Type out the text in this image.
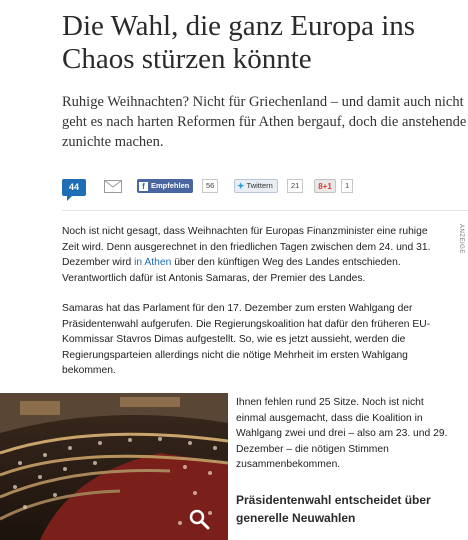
Die Wahl, die ganz Europa ins
Chaos stürzen könnte
Ruhige Weihnachten? Nicht für Griechenland – und damit auch nicht
geht es nach harten Reformen für Athen bergauf, doch die anstehende
zunichte machen.
44	f Empfehlen	56	✦ Twittern	21	8+1	1
ANZEIGE
Noch ist nicht gesagt, dass Weihnachten für Europas Finanzminister eine ruhige
Zeit wird. Denn ausgerechnet in den friedlichen Tagen zwischen dem 24. und 31.
Dezember wird in Athen über den künftigen Weg des Landes entschieden.
Verantwortlich dafür ist Antonis Samaras, der Premier des Landes.
Samaras hat das Parlament für den 17. Dezember zum ersten Wahlgang der
Präsidentenwahl aufgerufen. Die Regierungskoalition hat dafür den früheren EU-
Kommissar Stavros Dimas aufgestellt. So, wie es jetzt aussieht, werden die
Regierungsparteien allerdings nicht die nötige Mehrheit im ersten Wahlgang
bekommen.
Ihnen fehlen rund 25 Sitze. Noch ist nicht
einmal ausgemacht, dass die Koalition in
Wahlgang zwei und drei – also am 23. und 29.
Dezember – die nötigen Stimmen
zusammenbekommen.
Präsidentenwahl entscheidet über
generelle Neuwahlen
